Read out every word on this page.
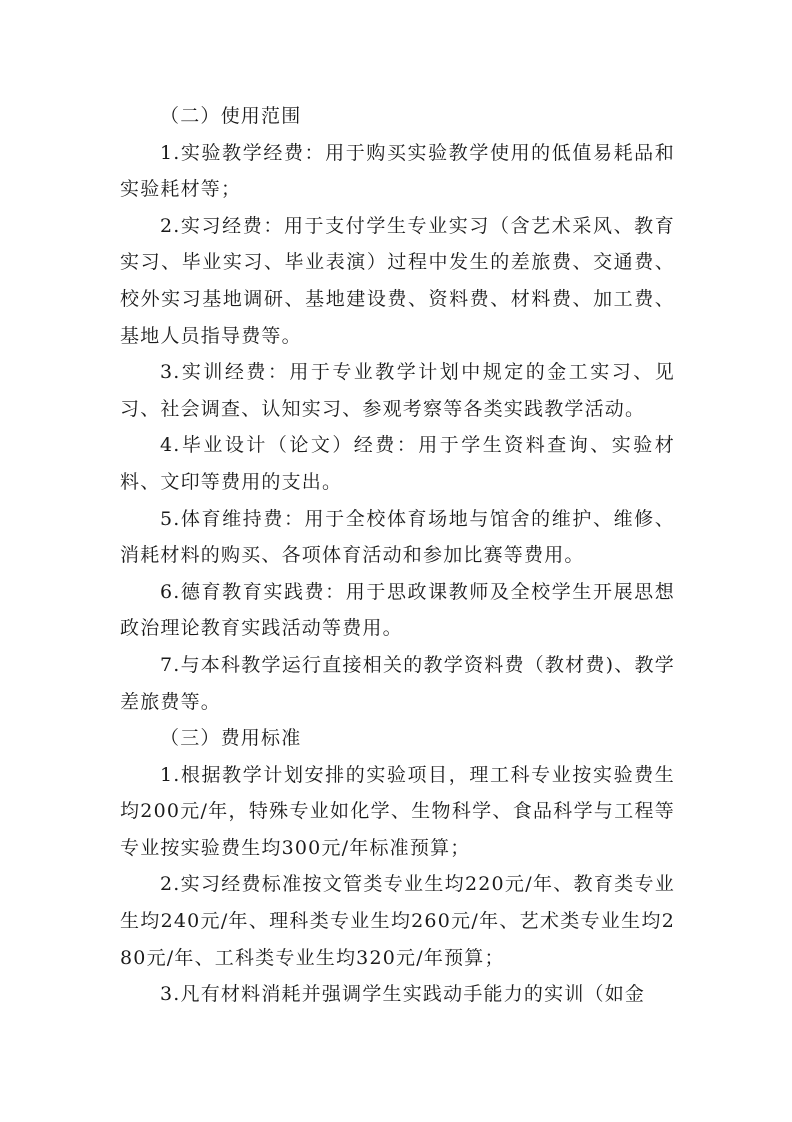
（二）使用范围

1.实验教学经费：用于购买实验教学使用的低值易耗品和实验耗材等；

2.实习经费：用于支付学生专业实习（含艺术采风、教育实习、毕业实习、毕业表演）过程中发生的差旅费、交通费、校外实习基地调研、基地建设费、资料费、材料费、加工费、基地人员指导费等。

3.实训经费：用于专业教学计划中规定的金工实习、见习、社会调查、认知实习、参观考察等各类实践教学活动。

4.毕业设计（论文）经费：用于学生资料查询、实验材料、文印等费用的支出。

5.体育维持费：用于全校体育场地与馆舍的维护、维修、消耗材料的购买、各项体育活动和参加比赛等费用。

6.德育教育实践费：用于思政课教师及全校学生开展思想政治理论教育实践活动等费用。

7.与本科教学运行直接相关的教学资料费（教材费)、教学差旅费等。

（三）费用标准

1.根据教学计划安排的实验项目，理工科专业按实验费生均200元/年，特殊专业如化学、生物科学、食品科学与工程等专业按实验费生均300元/年标准预算；

2.实习经费标准按文管类专业生均220元/年、教育类专业生均240元/年、理科类专业生均260元/年、艺术类专业生均280元/年、工科类专业生均320元/年预算；

3.凡有材料消耗并强调学生实践动手能力的实训（如金
